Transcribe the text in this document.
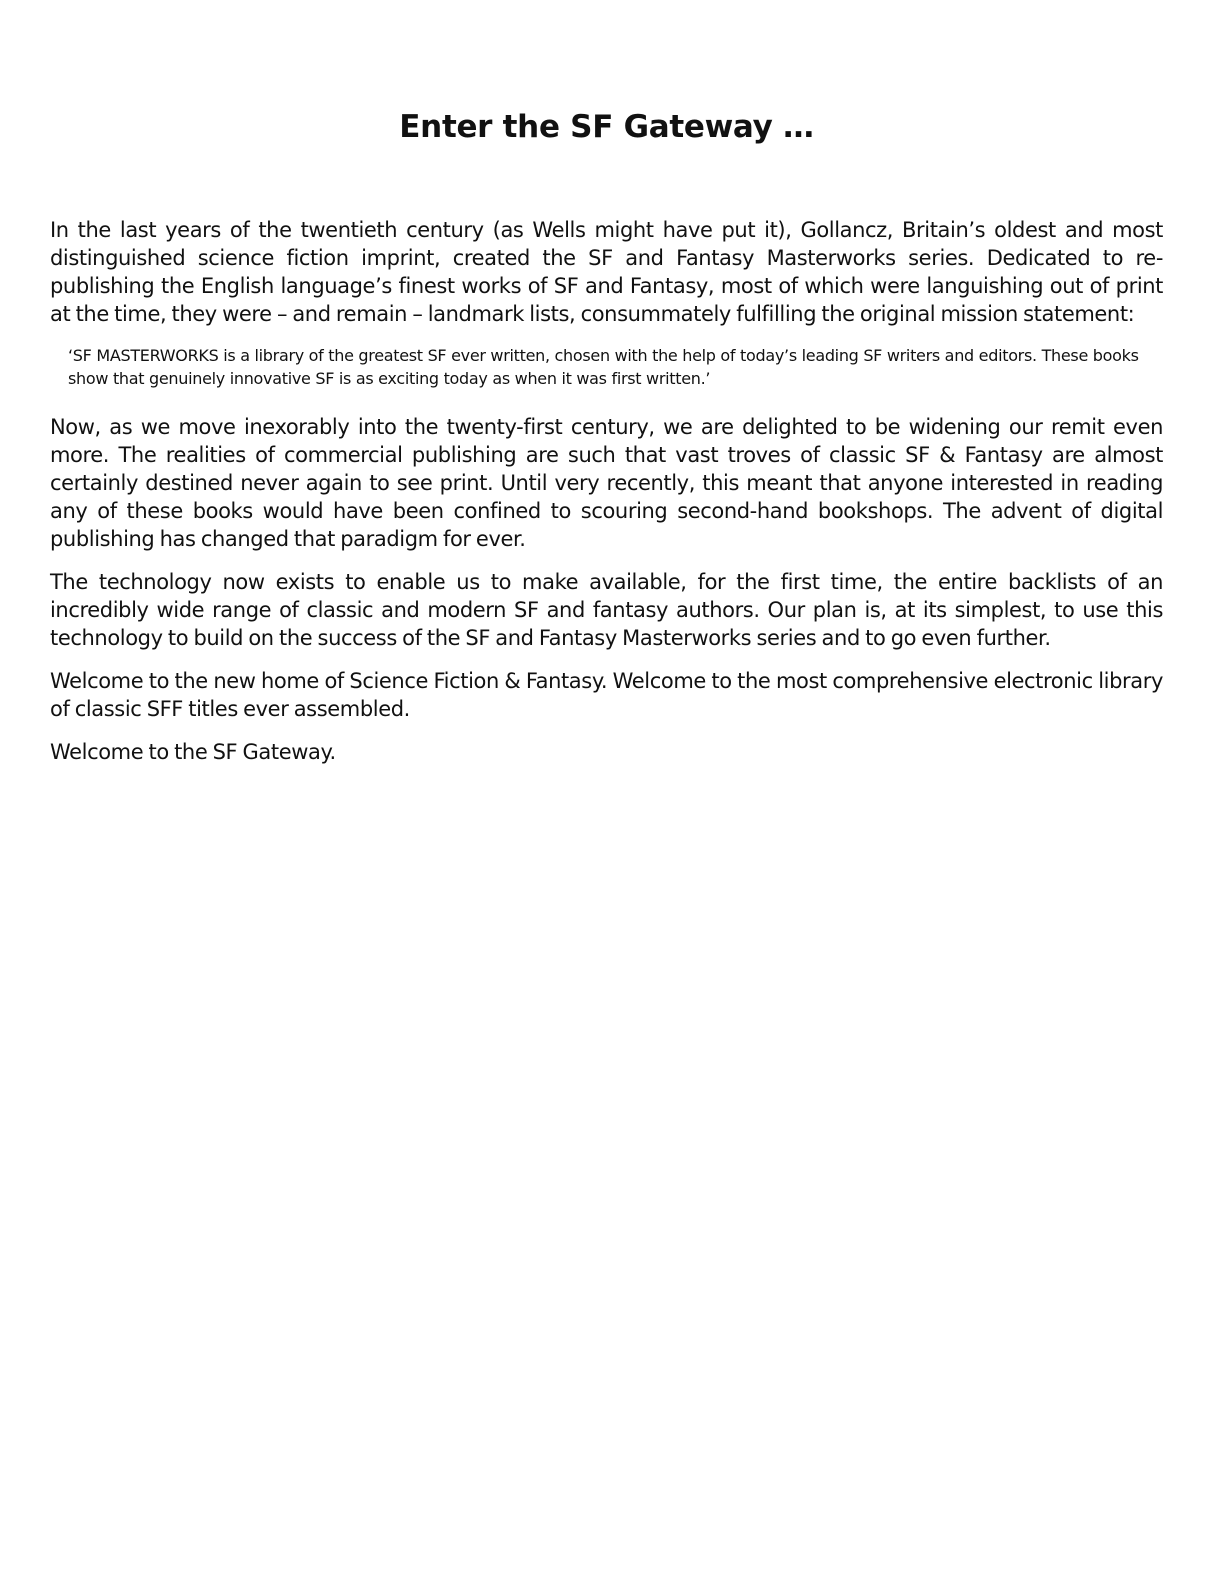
Enter the SF Gateway …

In the last years of the twentieth century (as Wells might have put it), Gollancz, Britain’s oldest and most distinguished science fiction imprint, created the SF and Fantasy Masterworks series. Dedicated to re-publishing the English language’s finest works of SF and Fantasy, most of which were languishing out of print at the time, they were – and remain – landmark lists, consummately fulfilling the original mission statement:

‘SF MASTERWORKS is a library of the greatest SF ever written, chosen with the help of today’s leading SF writers and editors. These books show that genuinely innovative SF is as exciting today as when it was first written.’

Now, as we move inexorably into the twenty-first century, we are delighted to be widening our remit even more. The realities of commercial publishing are such that vast troves of classic SF & Fantasy are almost certainly destined never again to see print. Until very recently, this meant that anyone interested in reading any of these books would have been confined to scouring second-hand bookshops. The advent of digital publishing has changed that paradigm for ever.

The technology now exists to enable us to make available, for the first time, the entire backlists of an incredibly wide range of classic and modern SF and fantasy authors. Our plan is, at its simplest, to use this technology to build on the success of the SF and Fantasy Masterworks series and to go even further.

Welcome to the new home of Science Fiction & Fantasy. Welcome to the most comprehensive electronic library of classic SFF titles ever assembled.

Welcome to the SF Gateway.
